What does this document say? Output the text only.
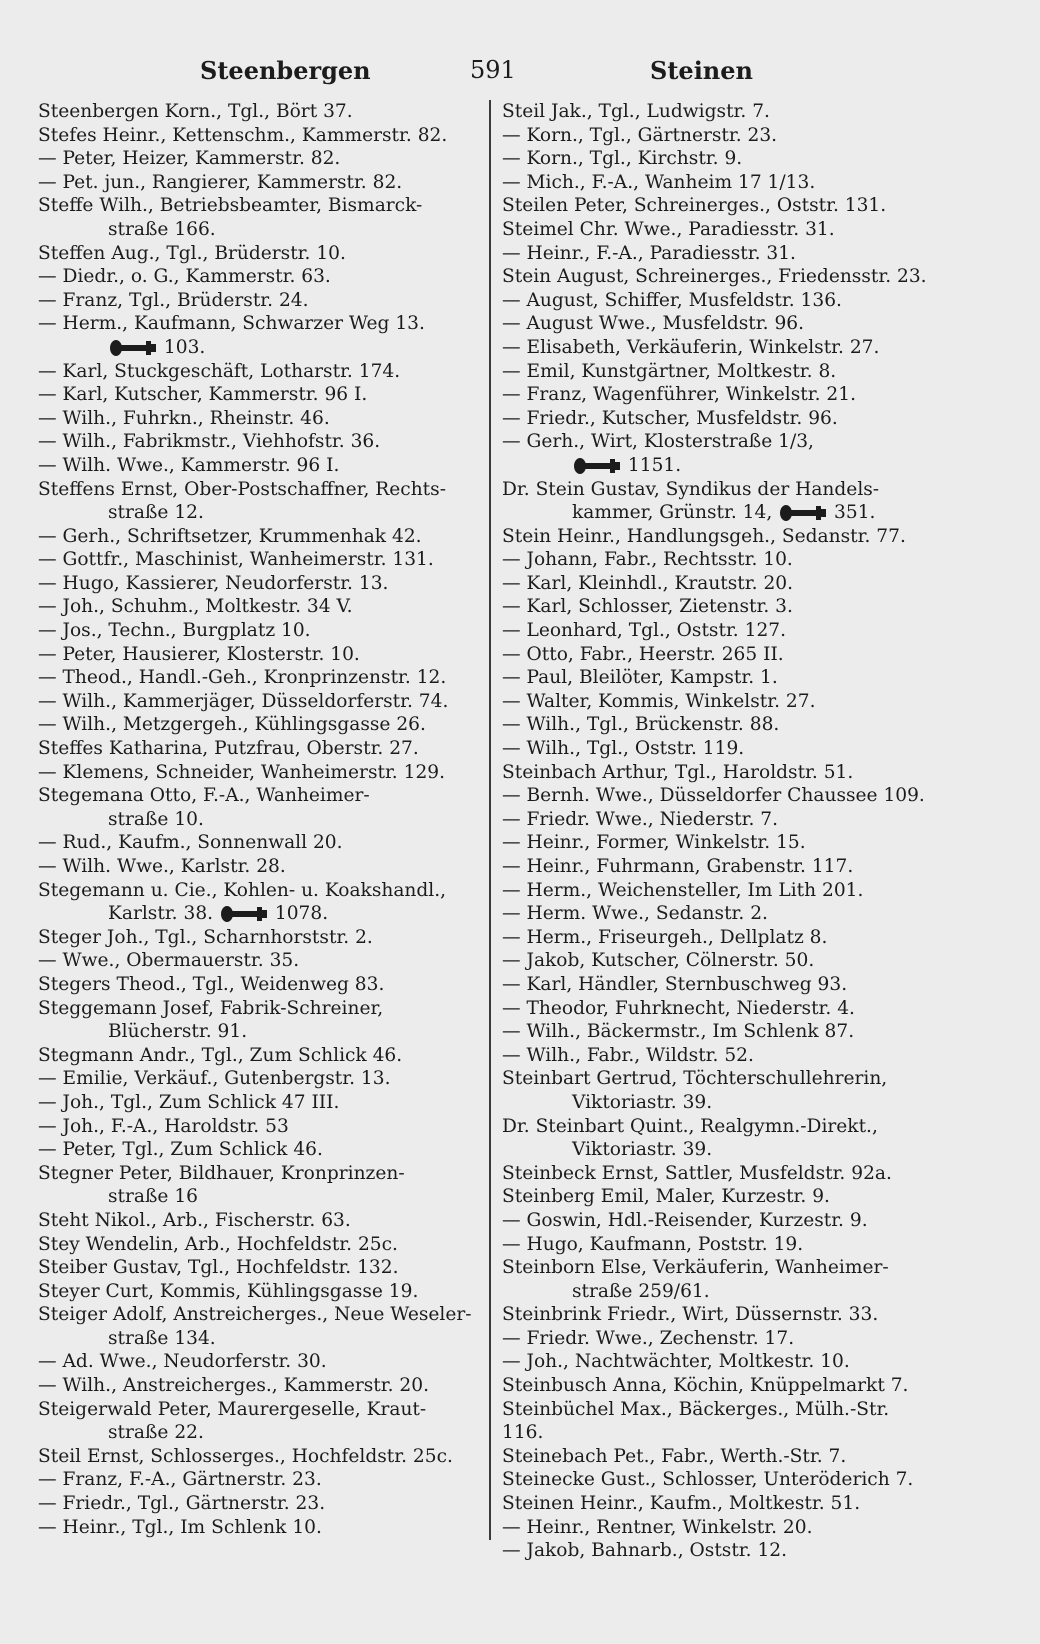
Steenbergen	591	Steinen
Steenbergen Korn., Tgl., Bört 37.
Stefes Heinr., Kettenschm., Kammerstr. 82.
— Peter, Heizer, Kammerstr. 82.
— Pet. jun., Rangierer, Kammerstr. 82.
Steffe Wilh., Betriebsbeamter, Bismarck-
straße 166.
Steffen Aug., Tgl., Brüderstr. 10.
— Diedr., o. G., Kammerstr. 63.
— Franz, Tgl., Brüderstr. 24.
— Herm., Kaufmann, Schwarzer Weg 13.
103.
— Karl, Stuckgeschäft, Lotharstr. 174.
— Karl, Kutscher, Kammerstr. 96 I.
— Wilh., Fuhrkn., Rheinstr. 46.
— Wilh., Fabrikmstr., Viehhofstr. 36.
— Wilh. Wwe., Kammerstr. 96 I.
Steffens Ernst, Ober-Postschaffner, Rechts-
straße 12.
— Gerh., Schriftsetzer, Krummenhak 42.
— Gottfr., Maschinist, Wanheimerstr. 131.
— Hugo, Kassierer, Neudorferstr. 13.
— Joh., Schuhm., Moltkestr. 34 V.
— Jos., Techn., Burgplatz 10.
— Peter, Hausierer, Klosterstr. 10.
— Theod., Handl.-Geh., Kronprinzenstr. 12.
— Wilh., Kammerjäger, Düsseldorferstr. 74.
— Wilh., Metzgergeh., Kühlingsgasse 26.
Steffes Katharina, Putzfrau, Oberstr. 27.
— Klemens, Schneider, Wanheimerstr. 129.
Stegemana Otto, F.-A., Wanheimer-
straße 10.
— Rud., Kaufm., Sonnenwall 20.
— Wilh. Wwe., Karlstr. 28.
Stegemann u. Cie., Kohlen- u. Koakshandl.,
Karlstr. 38.	1078.
Steger Joh., Tgl., Scharnhorststr. 2.
— Wwe., Obermauerstr. 35.
Stegers Theod., Tgl., Weidenweg 83.
Steggemann Josef, Fabrik-Schreiner,
Blücherstr. 91.
Stegmann Andr., Tgl., Zum Schlick 46.
— Emilie, Verkäuf., Gutenbergstr. 13.
— Joh., Tgl., Zum Schlick 47 III.
— Joh., F.-A., Haroldstr. 53
— Peter, Tgl., Zum Schlick 46.
Stegner Peter, Bildhauer, Kronprinzen-
straße 16
Steht Nikol., Arb., Fischerstr. 63.
Stey Wendelin, Arb., Hochfeldstr. 25c.
Steiber Gustav, Tgl., Hochfeldstr. 132.
Steyer Curt, Kommis, Kühlingsgasse 19.
Steiger Adolf, Anstreicherges., Neue Weseler-
straße 134.
— Ad. Wwe., Neudorferstr. 30.
— Wilh., Anstreicherges., Kammerstr. 20.
Steigerwald Peter, Maurergeselle, Kraut-
straße 22.
Steil Ernst, Schlosserges., Hochfeldstr. 25c.
— Franz, F.-A., Gärtnerstr. 23.
— Friedr., Tgl., Gärtnerstr. 23.
— Heinr., Tgl., Im Schlenk 10.
Steil Jak., Tgl., Ludwigstr. 7.
— Korn., Tgl., Gärtnerstr. 23.
— Korn., Tgl., Kirchstr. 9.
— Mich., F.-A., Wanheim 17 1/13.
Steilen Peter, Schreinerges., Oststr. 131.
Steimel Chr. Wwe., Paradiesstr. 31.
— Heinr., F.-A., Paradiesstr. 31.
Stein August, Schreinerges., Friedensstr. 23.
— August, Schiffer, Musfeldstr. 136.
— August Wwe., Musfeldstr. 96.
— Elisabeth, Verkäuferin, Winkelstr. 27.
— Emil, Kunstgärtner, Moltkestr. 8.
— Franz, Wagenführer, Winkelstr. 21.
— Friedr., Kutscher, Musfeldstr. 96.
— Gerh., Wirt, Klosterstraße 1/3,
1151.
Dr. Stein Gustav, Syndikus der Handels-
kammer, Grünstr. 14,	351.
Stein Heinr., Handlungsgeh., Sedanstr. 77.
— Johann, Fabr., Rechtsstr. 10.
— Karl, Kleinhdl., Krautstr. 20.
— Karl, Schlosser, Zietenstr. 3.
— Leonhard, Tgl., Oststr. 127.
— Otto, Fabr., Heerstr. 265 II.
— Paul, Bleilöter, Kampstr. 1.
— Walter, Kommis, Winkelstr. 27.
— Wilh., Tgl., Brückenstr. 88.
— Wilh., Tgl., Oststr. 119.
Steinbach Arthur, Tgl., Haroldstr. 51.
— Bernh. Wwe., Düsseldorfer Chaussee 109.
— Friedr. Wwe., Niederstr. 7.
— Heinr., Former, Winkelstr. 15.
— Heinr., Fuhrmann, Grabenstr. 117.
— Herm., Weichensteller, Im Lith 201.
— Herm. Wwe., Sedanstr. 2.
— Herm., Friseurgeh., Dellplatz 8.
— Jakob, Kutscher, Cölnerstr. 50.
— Karl, Händler, Sternbuschweg 93.
— Theodor, Fuhrknecht, Niederstr. 4.
— Wilh., Bäckermstr., Im Schlenk 87.
— Wilh., Fabr., Wildstr. 52.
Steinbart Gertrud, Töchterschullehrerin,
Viktoriastr. 39.
Dr. Steinbart Quint., Realgymn.-Direkt.,
Viktoriastr. 39.
Steinbeck Ernst, Sattler, Musfeldstr. 92a.
Steinberg Emil, Maler, Kurzestr. 9.
— Goswin, Hdl.-Reisender, Kurzestr. 9.
— Hugo, Kaufmann, Poststr. 19.
Steinborn Else, Verkäuferin, Wanheimer-
straße 259/61.
Steinbrink Friedr., Wirt, Düssernstr. 33.
— Friedr. Wwe., Zechenstr. 17.
— Joh., Nachtwächter, Moltkestr. 10.
Steinbusch Anna, Köchin, Knüppelmarkt 7.
Steinbüchel Max., Bäckerges., Mülh.-Str. 116.
Steinebach Pet., Fabr., Werth.-Str. 7.
Steinecke Gust., Schlosser, Unteröderich 7.
Steinen Heinr., Kaufm., Moltkestr. 51.
— Heinr., Rentner, Winkelstr. 20.
— Jakob, Bahnarb., Oststr. 12.
